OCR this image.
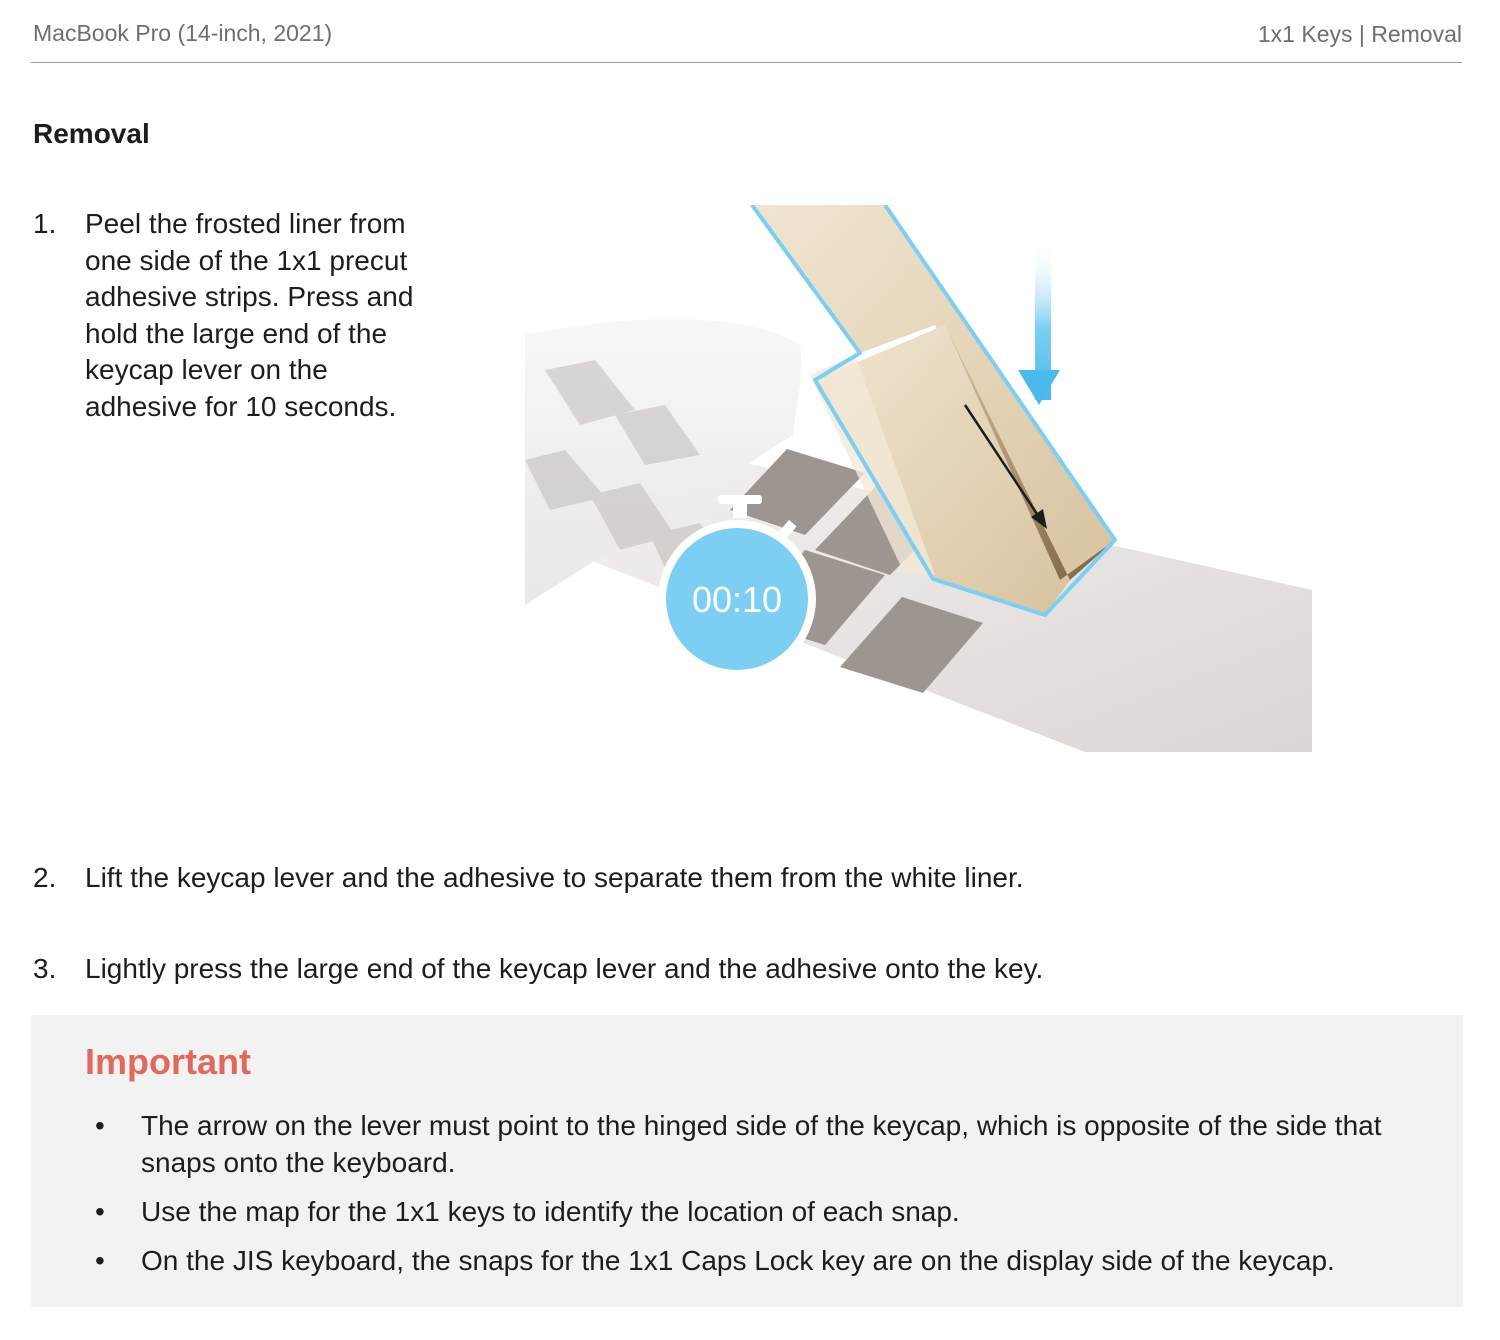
MacBook Pro (14-inch, 2021)	1x1 Keys | Removal
Removal
1. Peel the frosted liner from one side of the 1x1 precut adhesive strips. Press and hold the large end of the keycap lever on the adhesive for 10 seconds.
00:10
2. Lift the keycap lever and the adhesive to separate them from the white liner.
3. Lightly press the large end of the keycap lever and the adhesive onto the key.
Important
• The arrow on the lever must point to the hinged side of the keycap, which is opposite of the side that snaps onto the keyboard.
• Use the map for the 1x1 keys to identify the location of each snap.
• On the JIS keyboard, the snaps for the 1x1 Caps Lock key are on the display side of the keycap.
